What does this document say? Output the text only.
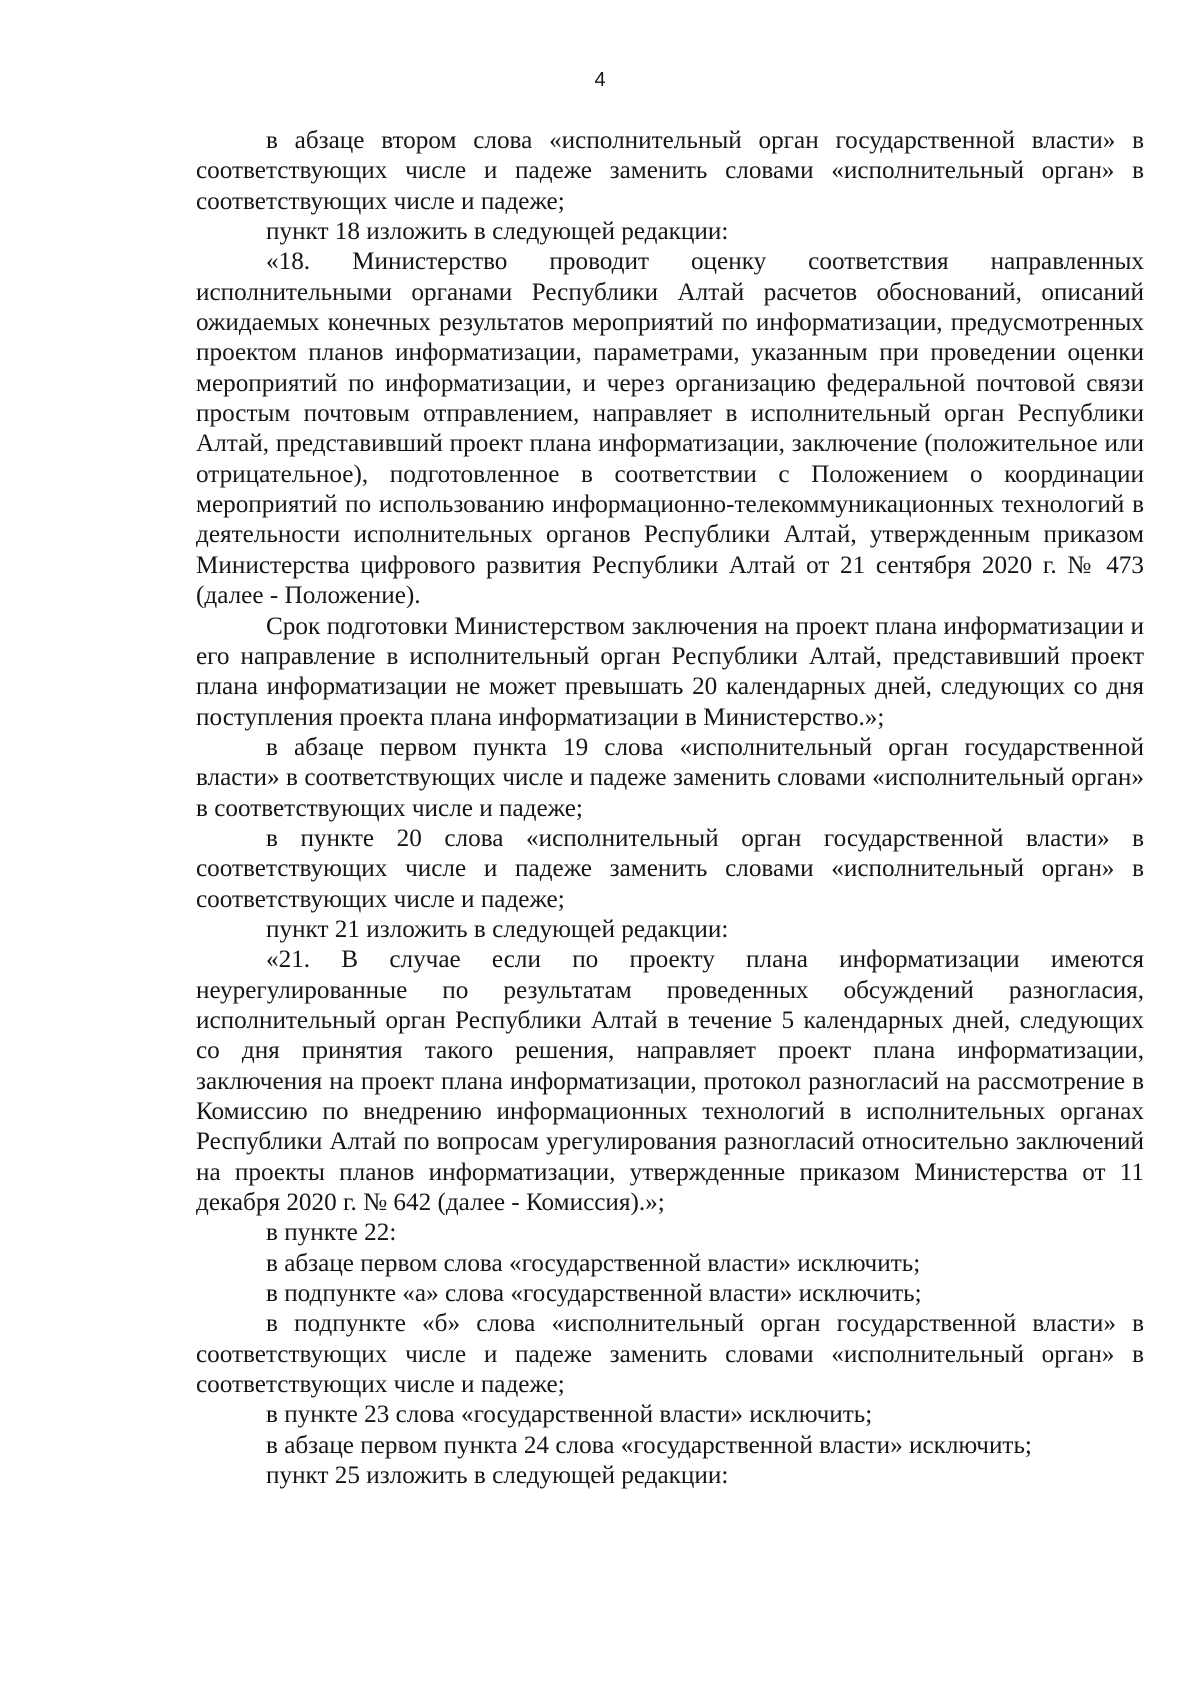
4

в абзаце втором слова «исполнительный орган государственной власти» в соответствующих числе и падеже заменить словами «исполнительный орган» в соответствующих числе и падеже;

пункт 18 изложить в следующей редакции:

«18. Министерство проводит оценку соответствия направленных исполнительными органами Республики Алтай расчетов обоснований, описаний ожидаемых конечных результатов мероприятий по информатизации, предусмотренных проектом планов информатизации, параметрами, указанным при проведении оценки мероприятий по информатизации, и через организацию федеральной почтовой связи простым почтовым отправлением, направляет в исполнительный орган Республики Алтай, представивший проект плана информатизации, заключение (положительное или отрицательное), подготовленное в соответствии с Положением о координации мероприятий по использованию информационно-телекоммуникационных технологий в деятельности исполнительных органов Республики Алтай, утвержденным приказом Министерства цифрового развития Республики Алтай от 21 сентября 2020 г. № 473 (далее - Положение).

Срок подготовки Министерством заключения на проект плана информатизации и его направление в исполнительный орган Республики Алтай, представивший проект плана информатизации не может превышать 20 календарных дней, следующих со дня поступления проекта плана информатизации в Министерство.»;

в абзаце первом пункта 19 слова «исполнительный орган государственной власти» в соответствующих числе и падеже заменить словами «исполнительный орган» в соответствующих числе и падеже;

в пункте 20 слова «исполнительный орган государственной власти» в соответствующих числе и падеже заменить словами «исполнительный орган» в соответствующих числе и падеже;

пункт 21 изложить в следующей редакции:

«21. В случае если по проекту плана информатизации имеются неурегулированные по результатам проведенных обсуждений разногласия, исполнительный орган Республики Алтай в течение 5 календарных дней, следующих со дня принятия такого решения, направляет проект плана информатизации, заключения на проект плана информатизации, протокол разногласий на рассмотрение в Комиссию по внедрению информационных технологий в исполнительных органах Республики Алтай по вопросам урегулирования разногласий относительно заключений на проекты планов информатизации, утвержденные приказом Министерства от 11 декабря 2020 г. № 642 (далее - Комиссия).»;

в пункте 22:

в абзаце первом слова «государственной власти» исключить;

в подпункте «а» слова «государственной власти» исключить;

в подпункте «б» слова «исполнительный орган государственной власти» в соответствующих числе и падеже заменить словами «исполнительный орган» в соответствующих числе и падеже;

в пункте 23 слова «государственной власти» исключить;

в абзаце первом пункта 24 слова «государственной власти» исключить;

пункт 25 изложить в следующей редакции:
